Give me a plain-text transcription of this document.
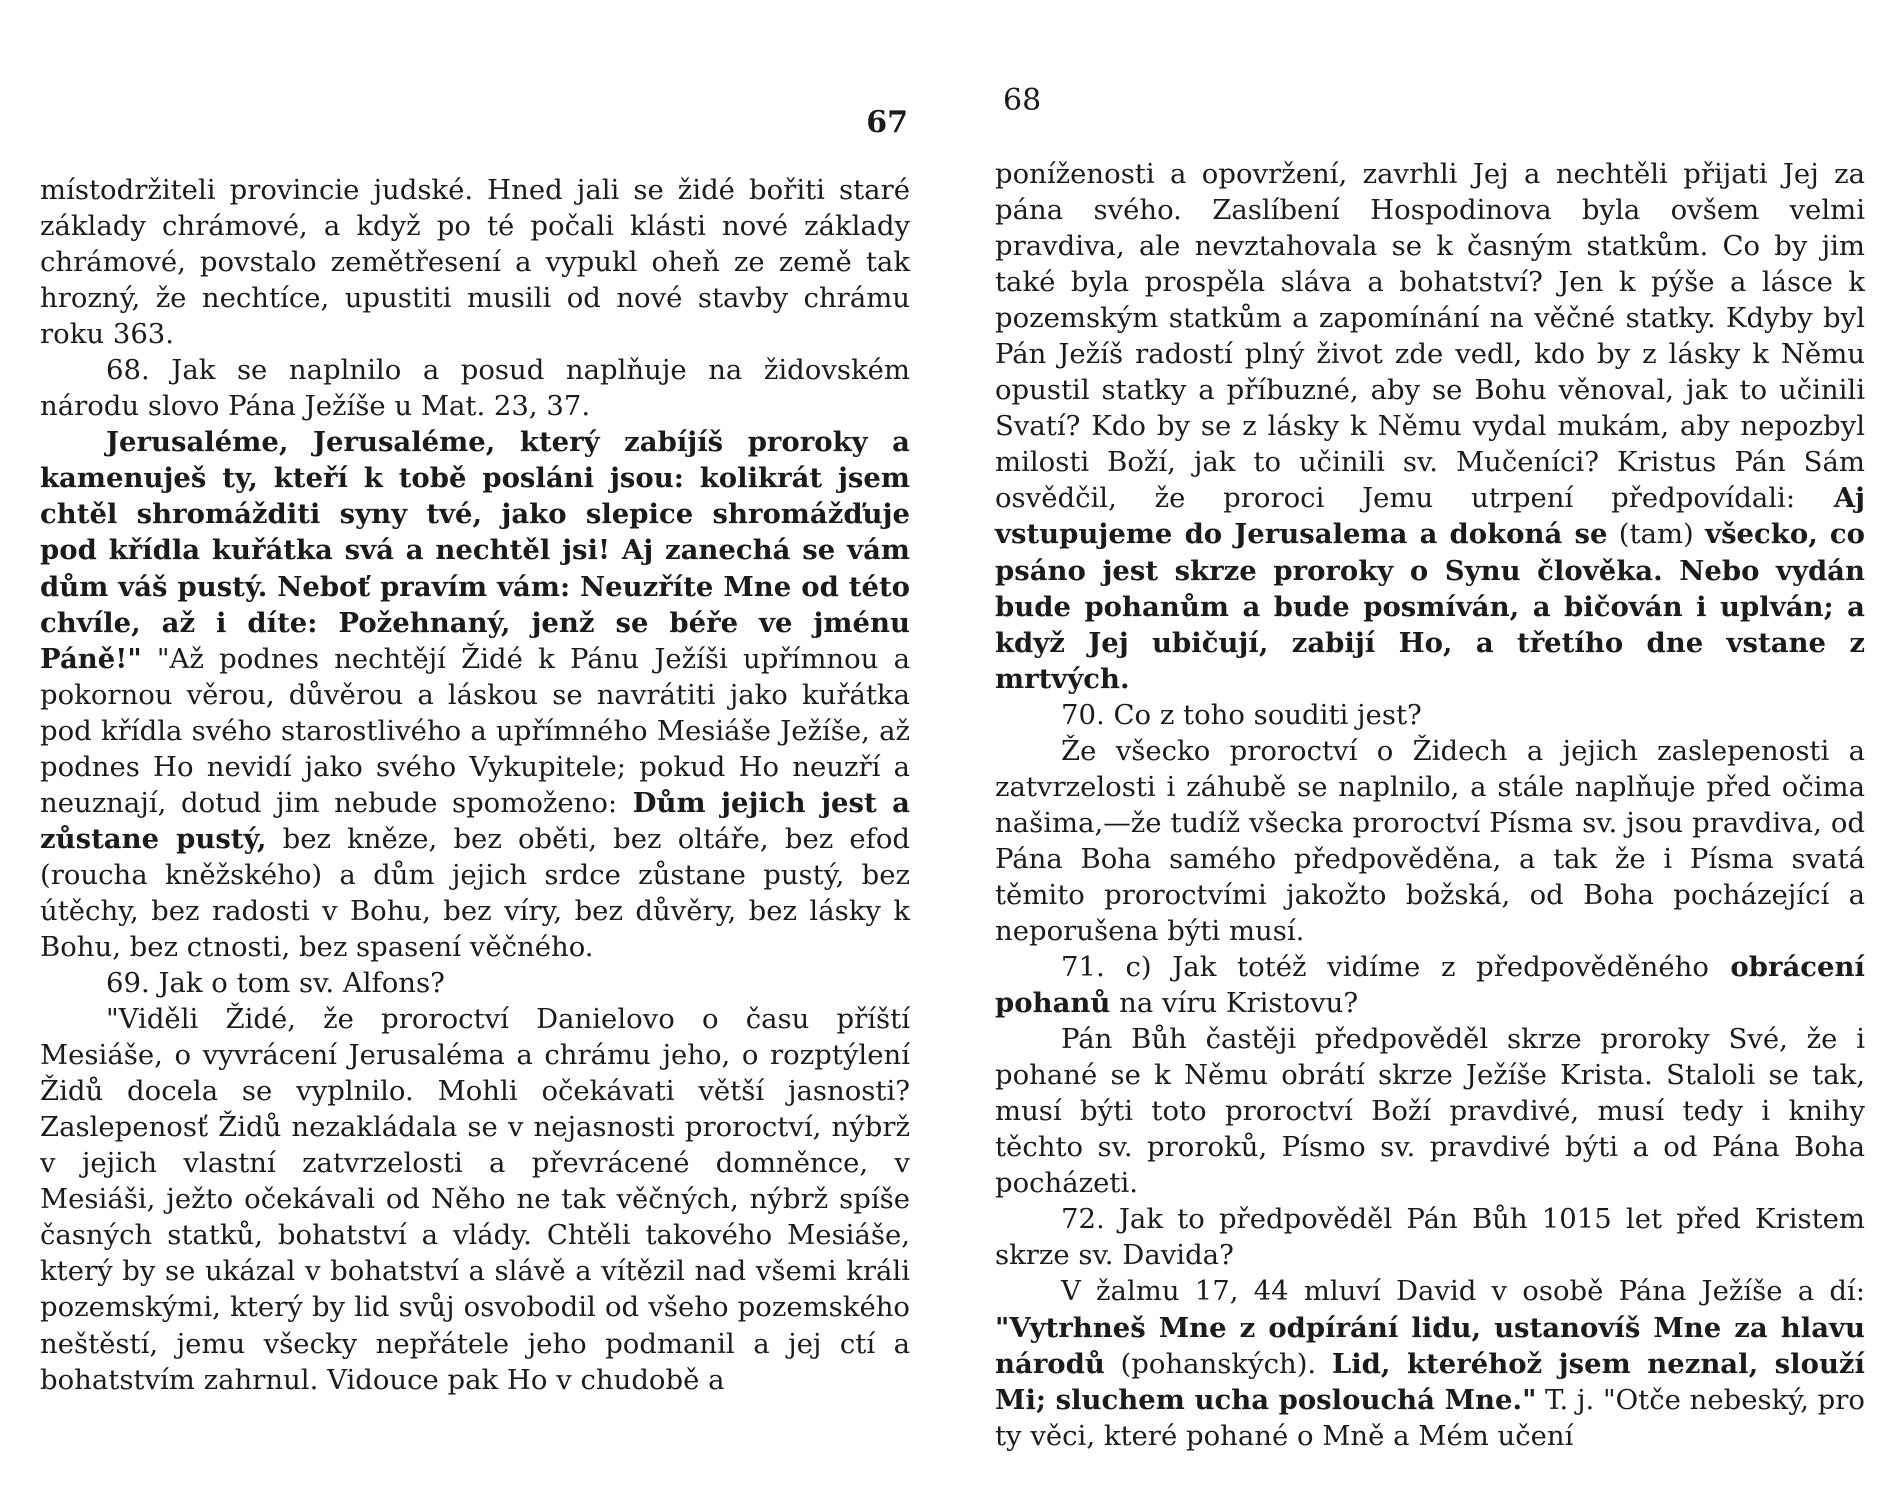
67

místodržiteli provincie judské. Hned jali se židé bořiti staré základy chrámové, a když po té počali klásti nové základy chrámové, povstalo zemětřesení a vypukl oheň ze země tak hrozný, že nechtíce, upustiti musili od nové stavby chrámu roku 363.

68. Jak se naplnilo a posud naplňuje na židovském národu slovo Pána Ježíše u Mat. 23, 37.

Jerusaléme, Jerusaléme, který zabíjíš proroky a kamenuješ ty, kteří k tobě posláni jsou: kolikrát jsem chtěl shromážditi syny tvé, jako slepice shromážďuje pod křídla kuřátka svá a nechtěl jsi! Aj zanechá se vám dům váš pustý. Neboť pravím vám: Neuzříte Mne od této chvíle, až i díte: Požehnaný, jenž se béře ve jménu Páně!" "Až podnes nechtějí Židé k Pánu Ježíši upřímnou a pokornou věrou, důvěrou a láskou se navrátiti jako kuřátka pod křídla svého starostlivého a upřímného Mesiáše Ježíše, až podnes Ho nevidí jako svého Vykupitele; pokud Ho neuzří a neuznají, dotud jim nebude spomoženo: Dům jejich jest a zůstane pustý, bez kněze, bez oběti, bez oltáře, bez efod (roucha kněžského) a dům jejich srdce zůstane pustý, bez útěchy, bez radosti v Bohu, bez víry, bez důvěry, bez lásky k Bohu, bez ctnosti, bez spasení věčného.

69. Jak o tom sv. Alfons?

"Viděli Židé, že proroctví Danielovo o času příští Mesiáše, o vyvrácení Jerusaléma a chrámu jeho, o rozptýlení Židů docela se vyplnilo. Mohli očekávati větší jasnosti? Zaslepenosť Židů nezakládala se v nejasnosti proroctví, nýbrž v jejich vlastní zatvrzelosti a převrácené domněnce, v Mesiáši, ježto očekávali od Něho ne tak věčných, nýbrž spíše časných statků, bohatství a vlády. Chtěli takového Mesiáše, který by se ukázal v bohatství a slávě a vítězil nad všemi králi pozemskými, který by lid svůj osvobodil od všeho pozemského neštěstí, jemu všecky nepřátele jeho podmanil a jej ctí a bohatstvím zahrnul. Vidouce pak Ho v chudobě a

68

poníženosti a opovržení, zavrhli Jej a nechtěli přijati Jej za pána svého. Zaslíbení Hospodinova byla ovšem velmi pravdiva, ale nevztahovala se k časným statkům. Co by jim také byla prospěla sláva a bohatství? Jen k pýše a lásce k pozemským statkům a zapomínání na věčné statky. Kdyby byl Pán Ježíš radostí plný život zde vedl, kdo by z lásky k Němu opustil statky a příbuzné, aby se Bohu věnoval, jak to učinili Svatí? Kdo by se z lásky k Němu vydal mukám, aby nepozbyl milosti Boží, jak to učinili sv. Mučeníci? Kristus Pán Sám osvědčil, že proroci Jemu utrpení předpovídali: Aj vstupujeme do Jerusalema a dokoná se (tam) všecko, co psáno jest skrze proroky o Synu člověka. Nebo vydán bude pohanům a bude posmíván, a bičován i uplván; a když Jej ubičují, zabijí Ho, a třetího dne vstane z mrtvých.

70. Co z toho souditi jest?

Že všecko proroctví o Židech a jejich zaslepenosti a zatvrzelosti i záhubě se naplnilo, a stále naplňuje před očima našima,—že tudíž všecka proroctví Písma sv. jsou pravdiva, od Pána Boha samého předpověděna, a tak že i Písma svatá těmito proroctvími jakožto božská, od Boha pocházející a neporušena býti musí.

71. c) Jak totéž vidíme z předpověděného obrácení pohanů na víru Kristovu?

Pán Bůh častěji předpověděl skrze proroky Své, že i pohané se k Němu obrátí skrze Ježíše Krista. Staloli se tak, musí býti toto proroctví Boží pravdivé, musí tedy i knihy těchto sv. proroků, Písmo sv. pravdivé býti a od Pána Boha pocházeti.

72. Jak to předpověděl Pán Bůh 1015 let před Kristem skrze sv. Davida?

V žalmu 17, 44 mluví David v osobě Pána Ježíše a dí: "Vytrhneš Mne z odpírání lidu, ustanovíš Mne za hlavu národů (pohanských). Lid, kteréhož jsem neznal, slouží Mi; sluchem ucha poslouchá Mne." T. j. "Otče nebeský, pro ty věci, které pohané o Mně a Mém učení
